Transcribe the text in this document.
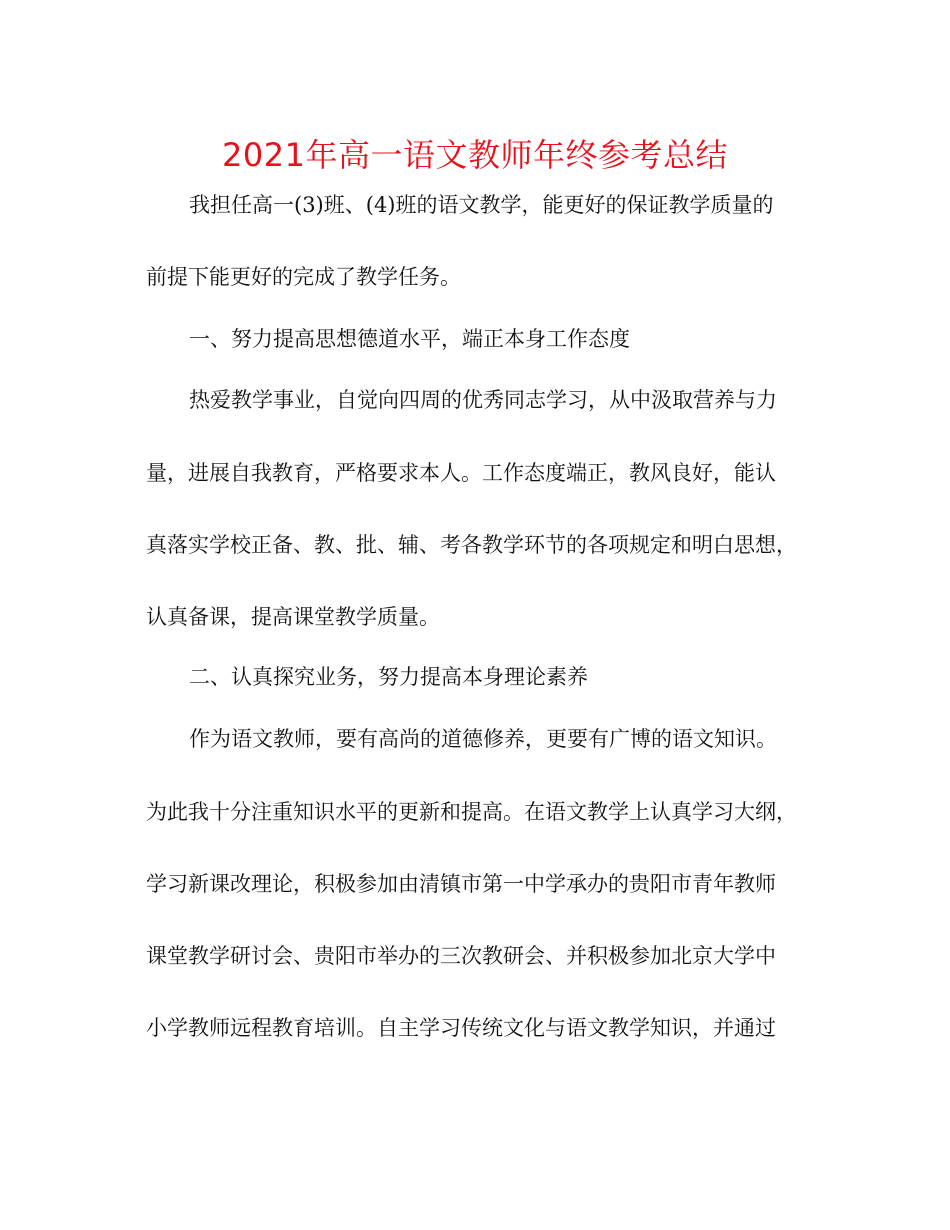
2021年高一语文教师年终参考总结
我担任高一(3)班、(4)班的语文教学，能更好的保证教学质量的
前提下能更好的完成了教学任务。
一、努力提高思想德道水平，端正本身工作态度
热爱教学事业，自觉向四周的优秀同志学习，从中汲取营养与力
量，进展自我教育，严格要求本人。工作态度端正，教风良好，能认
真落实学校正备、教、批、辅、考各教学环节的各项规定和明白思想，
认真备课，提高课堂教学质量。
二、认真探究业务，努力提高本身理论素养
作为语文教师，要有高尚的道德修养，更要有广博的语文知识。
为此我十分注重知识水平的更新和提高。在语文教学上认真学习大纲，
学习新课改理论，积极参加由清镇市第一中学承办的贵阳市青年教师
课堂教学研讨会、贵阳市举办的三次教研会、并积极参加北京大学中
小学教师远程教育培训。自主学习传统文化与语文教学知识，并通过
